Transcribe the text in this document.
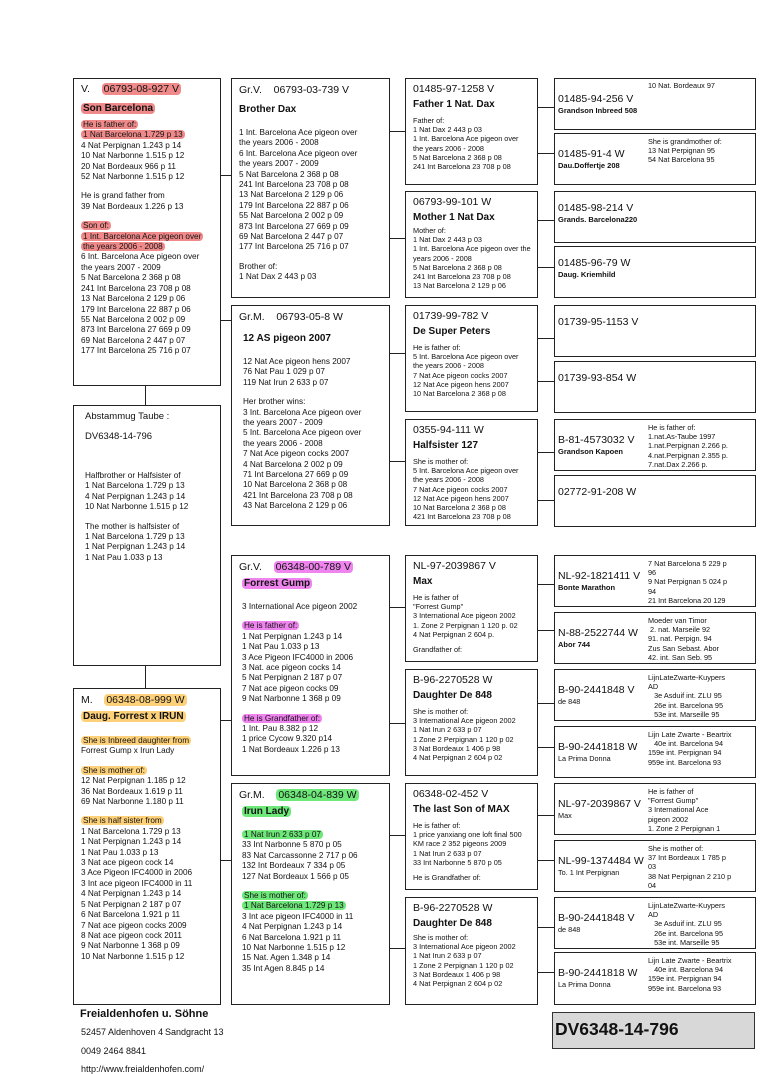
V. 06793-08-927 V
Son Barcelona
He is father of:
1 Nat Barcelona 1.729 p 13
4 Nat Perpignan 1.243 p 14
10 Nat Narbonne 1.515 p 12
20 Nat Bordeaux 966 p 11
52 Nat Narbonne 1.515 p 12
He is grand father from
39 Nat Bordeaux 1.226 p 13
Son of:
1 Int. Barcelona Ace pigeon over
the years 2006 - 2008
6 Int. Barcelona Ace pigeon over
the years 2007 - 2009
5 Nat Barcelona 2 368 p 08
241 Int Barcelona 23 708 p 08
13 Nat Barcelona 2 129 p 06
179 Int Barcelona 22 887 p 06
55 Nat Barcelona 2 002 p 09
873 Int Barcelona 27 669 p 09
69 Nat Barcelona 2 447 p 07
177 Int Barcelona 25 716 p 07
Abstammug Taube :
DV6348-14-796
Halfbrother or Halfsister of
1 Nat Barcelona 1.729 p 13
4 Nat Perpignan 1.243 p 14
10 Nat Narbonne 1.515 p 12
The mother is halfsister of
1 Nat Barcelona 1.729 p 13
1 Nat Perpignan 1.243 p 14
1 Nat Pau 1.033 p 13
M. 06348-08-999 W
Daug. Forrest x IRUN
She is Inbreed daughter from
Forrest Gump x Irun Lady
She is mother of:
12 Nat Perpignan 1.185 p 12
36 Nat Bordeaux 1.619 p 11
69 Nat Narbonne 1.180 p 11
She is half sister from
1 Nat Barcelona 1.729 p 13
1 Nat Perpignan 1.243 p 14
1 Nat Pau 1.033 p 13
3 Nat ace pigeon cock 14
3 Ace Pigeon IFC4000 in 2006
3 Int ace pigeon IFC4000 in 11
4 Nat Perpignan 1.243 p 14
5 Nat Perpignan 2 187 p 07
6 Nat Barcelona 1.921 p 11
7 Nat ace pigeon cocks 2009
8 Nat ace pigeon cock 2011
9 Nat Narbonne 1 368 p 09
10 Nat Narbonne 1.515 p 12
Gr.V. 06793-03-739 V
Brother Dax
1 Int. Barcelona Ace pigeon over
the years 2006 - 2008
6 Int. Barcelona Ace pigeon over
the years 2007 - 2009
5 Nat Barcelona 2 368 p 08
241 Int Barcelona 23 708 p 08
13 Nat Barcelona 2 129 p 06
179 Int Barcelona 22 887 p 06
55 Nat Barcelona 2 002 p 09
873 Int Barcelona 27 669 p 09
69 Nat Barcelona 2 447 p 07
177 Int Barcelona 25 716 p 07
Brother of:
1 Nat Dax 2 443 p 03
Gr.M. 06793-05-8 W
12 AS pigeon 2007
12 Nat Ace pigeon hens 2007
76 Nat Pau 1 029 p 07
119 Nat Irun 2 633 p 07
Her brother wins:
3 Int. Barcelona Ace pigeon over
the years 2007 - 2009
5 Int. Barcelona Ace pigeon over
the years 2006 - 2008
7 Nat Ace pigeon cocks 2007
4 Nat Barcelona 2 002 p 09
71 Int Barcelona 27 669 p 09
10 Nat Barcelona 2 368 p 08
421 Int Barcelona 23 708 p 08
43 Nat Barcelona 2 129 p 06
Gr.V. 06348-00-789 V
Forrest Gump
3 International Ace pigeon 2002
He is father of:
1 Nat Perpignan 1.243 p 14
1 Nat Pau 1.033 p 13
3 Ace Pigeon IFC4000 in 2006
3 Nat. ace pigeon cocks 14
5 Nat Perpignan 2 187 p 07
7 Nat ace pigeon cocks 09
9 Nat Narbonne 1 368 p 09
He is Grandfather of:
1 Int. Pau 8.382 p 12
1 price Cycow 9.320 p14
1 Nat Bordeaux 1.226 p 13
Gr.M. 06348-04-839 W
Irun Lady
1 Nat Irun 2 633 p 07
33 Int Narbonne 5 870 p 05
83 Nat Carcassonne 2 717 p 06
132 Int Bordeaux 7 334 p 05
127 Nat Bordeaux 1 566 p 05
She is mother of:
1 Nat Barcelona 1.729 p 13
3 Int ace pigeon IFC4000 in 11
4 Nat Perpignan 1.243 p 14
6 Nat Barcelona 1.921 p 11
10 Nat Narbonne 1.515 p 12
15 Nat. Agen 1.348 p 14
35 Int Agen 8.845 p 14
01485-97-1258 V
Father 1 Nat. Dax
Father of:
1 Nat Dax 2 443 p 03
1 Int. Barcelona Ace pigeon over
the years 2006 - 2008
5 Nat Barcelona 2 368 p 08
241 Int Barcelona 23 708 p 08
06793-99-101 W
Mother 1 Nat Dax
Mother of:
1 Nat Dax 2 443 p 03
1 Int. Barcelona Ace pigeon over the
years 2006 - 2008
5 Nat Barcelona 2 368 p 08
241 Int Barcelona 23 708 p 08
13 Nat Barcelona 2 129 p 06
01739-99-782 V
De Super Peters
He is father of:
5 Int. Barcelona Ace pigeon over
the years 2006 - 2008
7 Nat Ace pigeon cocks 2007
12 Nat Ace pigeon hens 2007
10 Nat Barcelona 2 368 p 08
0355-94-111 W
Halfsister 127
She is mother of:
5 Int. Barcelona Ace pigeon over
the years 2006 - 2008
7 Nat Ace pigeon cocks 2007
12 Nat Ace pigeon hens 2007
10 Nat Barcelona 2 368 p 08
421 Int Barcelona 23 708 p 08
NL-97-2039867 V
Max
He is father of
"Forrest Gump"
3 International Ace pigeon 2002
1. Zone 2 Perpignan 1 120 p. 02
4 Nat Perpignan 2 604 p.
Grandfather of:
B-96-2270528 W
Daughter De 848
She is mother of:
3 International Ace pigeon 2002
1 Nat Irun 2 633 p 07
1 Zone 2 Perpignan 1 120 p 02
3 Nat Bordeaux 1 406 p 98
4 Nat Perpignan 2 604 p 02
06348-02-452 V
The last Son of MAX
He is father of:
1 price yanxiang one loft final 500
KM race 2 352 pigeons 2009
1 Nat Irun 2 633 p 07
33 Int Narbonne 5 870 p 05
He is Grandfather of:
B-96-2270528 W
Daughter De 848
She is mother of:
3 International Ace pigeon 2002
1 Nat Irun 2 633 p 07
1 Zone 2 Perpignan 1 120 p 02
3 Nat Bordeaux 1 406 p 98
4 Nat Perpignan 2 604 p 02
01485-94-256 V
Grandson Inbreed 508
10 Nat. Bordeaux 97
01485-91-4 W
Dau.Doffertje 208
She is grandmother of:
13 Nat Perpignan 95
54 Nat Barcelona 95
01485-98-214 V
Grands. Barcelona220
01485-96-79 W
Daug. Kriemhild
01739-95-1153 V
01739-93-854 W
B-81-4573032 V
Grandson Kapoen
He is father of:
1.nat.As-Taube 1997
1.nat.Perpignan 2.266 p.
4.nat.Perpignan 2.355 p.
7.nat.Dax 2.266 p.
02772-91-208 W
NL-92-1821411 V
Bonte Marathon
7 Nat Barcelona 5 229 p
96
9 Nat Perpignan 5 024 p
94
21 Int Barcelona 20 129
N-88-2522744 W
Abor 744
Moeder van Timor
2. nat. Marseile 92
91. nat. Perpign. 94
Zus San Sebast. Abor
42. int. San Seb. 95
B-90-2441848 V
de 848
LijnLateZwarte-Kuypers
AD
3e Asduif int. ZLU 95
26e int. Barcelona 95
53e int. Marseille 95
B-90-2441818 W
La Prima Donna
Lijn Late Zwarte - Beartrix
40e int. Barcelona 94
159e int. Perpignan 94
959e int. Barcelona 93
NL-97-2039867 V
Max
He is father of
"Forrest Gump"
3 International Ace
pigeon 2002
1. Zone 2 Perpignan 1
NL-99-1374484 W
To. 1 Int Perpignan
She is mother of:
37 Int Bordeaux 1 785 p
03
38 Nat Perpignan 2 210 p
04
B-90-2441848 V
de 848
LijnLateZwarte-Kuypers
AD
3e Asduif int. ZLU 95
26e int. Barcelona 95
53e int. Marseille 95
B-90-2441818 W
La Prima Donna
Lijn Late Zwarte - Beartrix
40e int. Barcelona 94
159e int. Perpignan 94
959e int. Barcelona 93
Freialdenhofen u. Söhne
52457 Aldenhoven 4 Sandgracht 13
0049 2464 8841
http://www.freialdenhofen.com/
DV6348-14-796
